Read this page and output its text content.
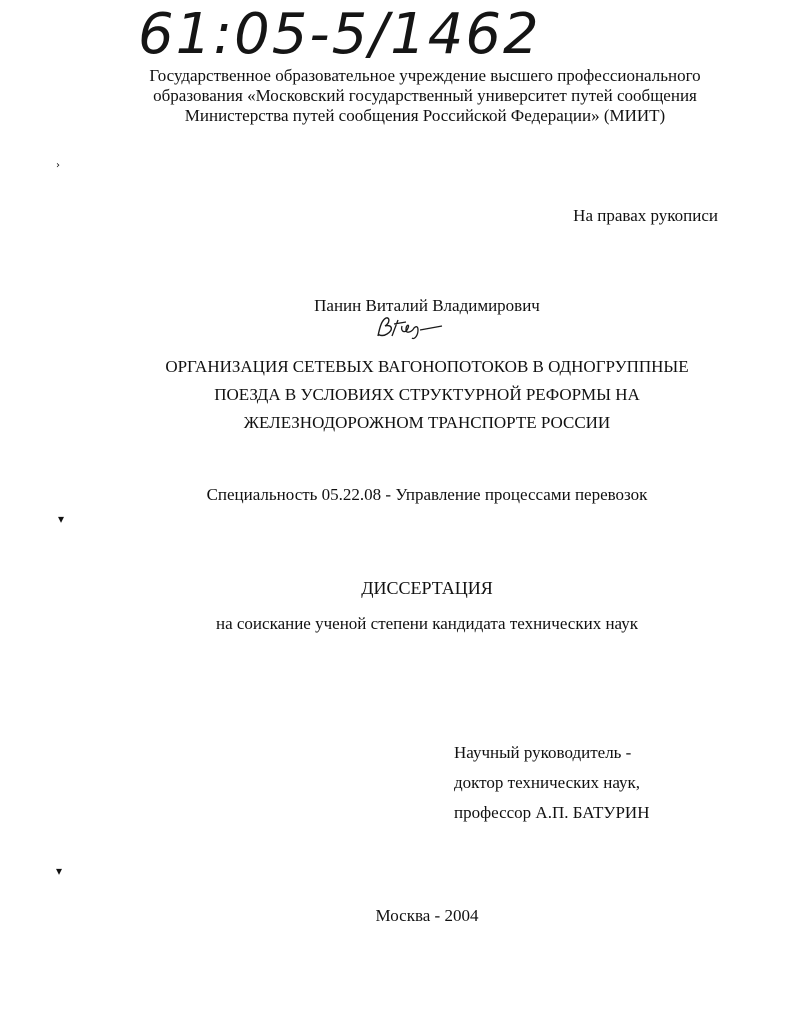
61:05-5/1462
Государственное образовательное учреждение высшего профессионального
образования «Московский государственный университет путей сообщения
Министерства путей сообщения Российской Федерации» (МИИТ)
›
▾
▾
На правах рукописи
Панин Виталий Владимирович
ОРГАНИЗАЦИЯ СЕТЕВЫХ ВАГОНОПОТОКОВ В ОДНОГРУППНЫЕ
ПОЕЗДА В УСЛОВИЯХ СТРУКТУРНОЙ РЕФОРМЫ НА
ЖЕЛЕЗНОДОРОЖНОМ ТРАНСПОРТЕ РОССИИ
Специальность 05.22.08 - Управление процессами перевозок
ДИССЕРТАЦИЯ
на соискание ученой степени кандидата технических наук
Научный руководитель -
доктор технических наук,
профессор А.П. БАТУРИН
Москва - 2004
